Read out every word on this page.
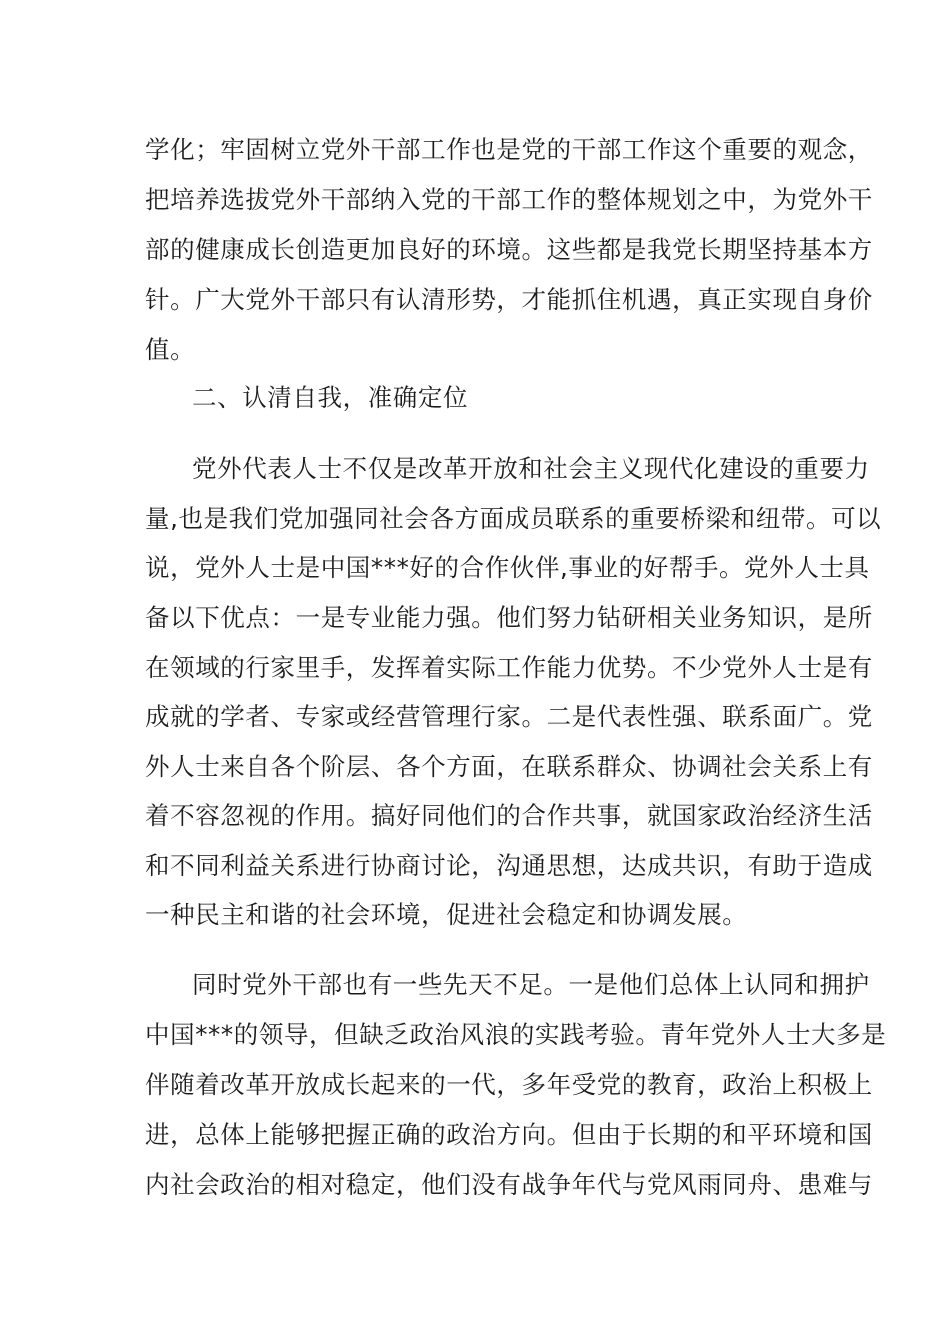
学化；牢固树立党外干部工作也是党的干部工作这个重要的观念，
把培养选拔党外干部纳入党的干部工作的整体规划之中，为党外干
部的健康成长创造更加良好的环境。这些都是我党长期坚持基本方
针。广大党外干部只有认清形势，才能抓住机遇，真正实现自身价
值。
二、认清自我，准确定位
党外代表人士不仅是改革开放和社会主义现代化建设的重要力
量,也是我们党加强同社会各方面成员联系的重要桥梁和纽带。可以
说，党外人士是中国***好的合作伙伴,事业的好帮手。党外人士具
备以下优点：一是专业能力强。他们努力钻研相关业务知识，是所
在领域的行家里手，发挥着实际工作能力优势。不少党外人士是有
成就的学者、专家或经营管理行家。二是代表性强、联系面广。党
外人士来自各个阶层、各个方面，在联系群众、协调社会关系上有
着不容忽视的作用。搞好同他们的合作共事，就国家政治经济生活
和不同利益关系进行协商讨论，沟通思想，达成共识，有助于造成
一种民主和谐的社会环境，促进社会稳定和协调发展。
同时党外干部也有一些先天不足。一是他们总体上认同和拥护
中国***的领导，但缺乏政治风浪的实践考验。青年党外人士大多是
伴随着改革开放成长起来的一代，多年受党的教育，政治上积极上
进，总体上能够把握正确的政治方向。但由于长期的和平环境和国
内社会政治的相对稳定，他们没有战争年代与党风雨同舟、患难与
